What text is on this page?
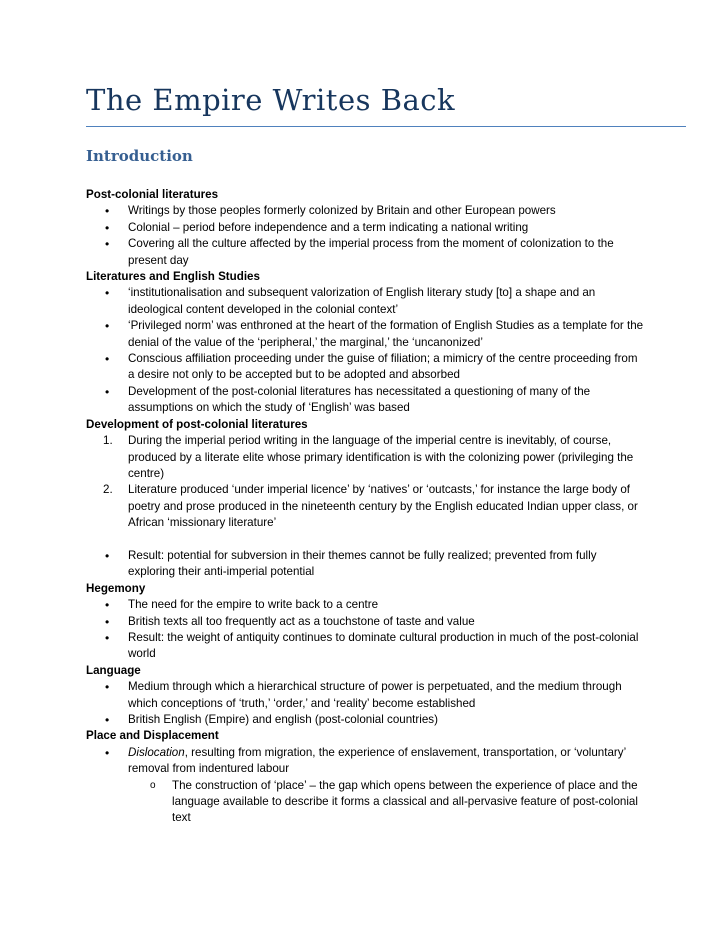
The Empire Writes Back
Introduction
Post-colonial literatures
• Writings by those peoples formerly colonized by Britain and other European powers
• Colonial – period before independence and a term indicating a national writing
• Covering all the culture affected by the imperial process from the moment of colonization to the present day
Literatures and English Studies
• ‘institutionalisation and subsequent valorization of English literary study [to] a shape and an ideological content developed in the colonial context’
• ‘Privileged norm’ was enthroned at the heart of the formation of English Studies as a template for the denial of the value of the ‘peripheral,’ the marginal,’ the ‘uncanonized’
• Conscious affiliation proceeding under the guise of filiation; a mimicry of the centre proceeding from a desire not only to be accepted but to be adopted and absorbed
• Development of the post-colonial literatures has necessitated a questioning of many of the assumptions on which the study of ‘English’ was based
Development of post-colonial literatures
1. During the imperial period writing in the language of the imperial centre is inevitably, of course, produced by a literate elite whose primary identification is with the colonizing power (privileging the centre)
2. Literature produced ‘under imperial licence’ by ‘natives’ or ‘outcasts,’ for instance the large body of poetry and prose produced in the nineteenth century by the English educated Indian upper class, or African ‘missionary literature’
• Result: potential for subversion in their themes cannot be fully realized; prevented from fully exploring their anti-imperial potential
Hegemony
• The need for the empire to write back to a centre
• British texts all too frequently act as a touchstone of taste and value
• Result: the weight of antiquity continues to dominate cultural production in much of the post-colonial world
Language
• Medium through which a hierarchical structure of power is perpetuated, and the medium through which conceptions of ‘truth,’ ‘order,’ and ‘reality’ become established
• British English (Empire) and english (post-colonial countries)
Place and Displacement
• Dislocation, resulting from migration, the experience of enslavement, transportation, or ‘voluntary’ removal from indentured labour
o The construction of ‘place’ – the gap which opens between the experience of place and the language available to describe it forms a classical and all-pervasive feature of post-colonial text
